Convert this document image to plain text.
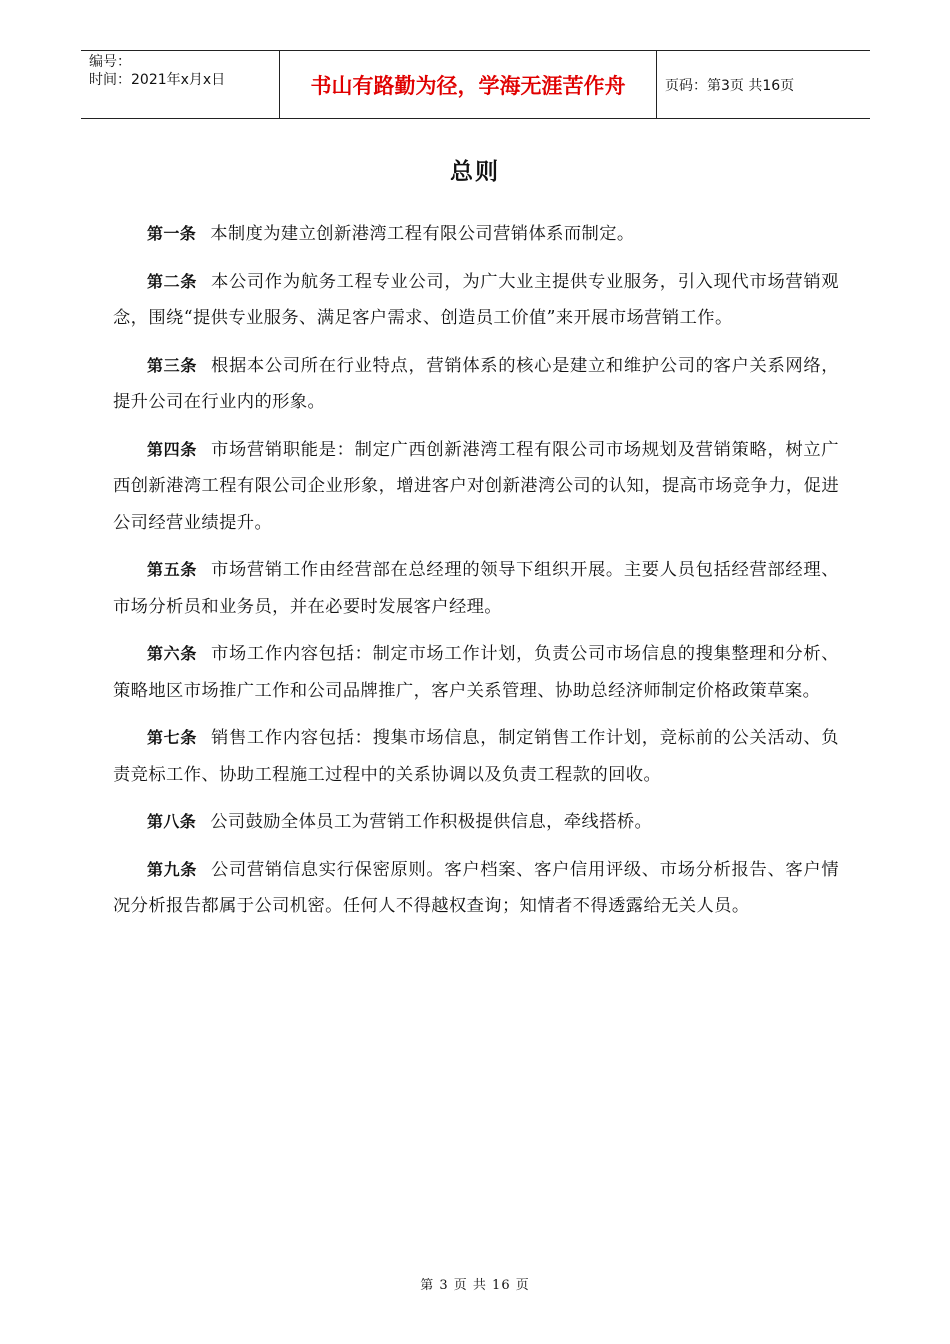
编号：
时间：2021年x月x日	书山有路勤为径，学海无涯苦作舟	页码：第3页 共16页
总则

第一条 本制度为建立创新港湾工程有限公司营销体系而制定。

第二条 本公司作为航务工程专业公司，为广大业主提供专业服务，引入现代市场营销观念，围绕“提供专业服务、满足客户需求、创造员工价值”来开展市场营销工作。

第三条 根据本公司所在行业特点，营销体系的核心是建立和维护公司的客户关系网络，提升公司在行业内的形象。

第四条 市场营销职能是：制定广西创新港湾工程有限公司市场规划及营销策略，树立广西创新港湾工程有限公司企业形象，增进客户对创新港湾公司的认知，提高市场竞争力，促进公司经营业绩提升。

第五条 市场营销工作由经营部在总经理的领导下组织开展。主要人员包括经营部经理、市场分析员和业务员，并在必要时发展客户经理。

第六条 市场工作内容包括：制定市场工作计划，负责公司市场信息的搜集整理和分析、策略地区市场推广工作和公司品牌推广，客户关系管理、协助总经济师制定价格政策草案。

第七条 销售工作内容包括：搜集市场信息，制定销售工作计划，竞标前的公关活动、负责竞标工作、协助工程施工过程中的关系协调以及负责工程款的回收。

第八条 公司鼓励全体员工为营销工作积极提供信息，牵线搭桥。

第九条 公司营销信息实行保密原则。客户档案、客户信用评级、市场分析报告、客户情况分析报告都属于公司机密。任何人不得越权查询；知情者不得透露给无关人员。

第 3 页 共 16 页
